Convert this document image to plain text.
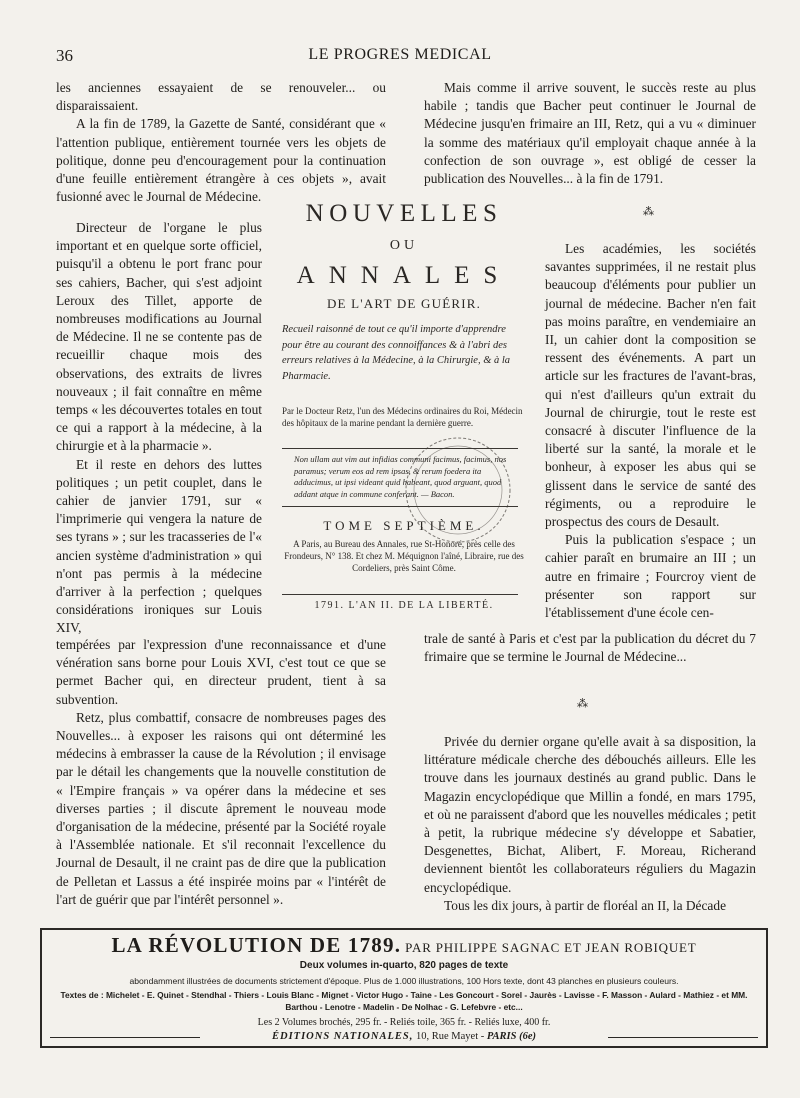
36	LE PROGRES MEDICAL

les anciennes essayaient de se renouveler... ou disparaissaient.

A la fin de 1789, la Gazette de Santé, considérant que « l'attention publique, entièrement tournée vers les objets de politique, donne peu d'encouragement pour la continuation d'une feuille entièrement étrangère à ces objets », avait fusionné avec le Journal de Médecine.

Directeur de l'organe le plus important et en quelque sorte officiel, puisqu'il a obtenu le port franc pour ses cahiers, Bacher, qui s'est adjoint Leroux des Tillet, apporte de nombreuses modifications au Journal de Médecine. Il ne se contente pas de recueillir chaque mois des observations, des extraits de livres nouveaux ; il fait connaître en même temps « les découvertes totales en tout ce qui a rapport à la médecine, à la chirurgie et à la pharmacie ».

Et il reste en dehors des luttes politiques ; un petit couplet, dans le cahier de janvier 1791, sur « l'imprimerie qui vengera la nature de ses tyrans » ; sur les tracasseries de l'« ancien système d'administration » qui n'ont pas permis à la médecine d'arriver à la perfection ; quelques considérations ironiques sur Louis XIV,

tempérées par l'expression d'une reconnaissance et d'une vénération sans borne pour Louis XVI, c'est tout ce que se permet Bacher qui, en directeur prudent, tient à sa subvention.

Retz, plus combattif, consacre de nombreuses pages des Nouvelles... à exposer les raisons qui ont déterminé les médecins à embrasser la cause de la Révolution ; il envisage par le détail les changements que la nouvelle constitution de « l'Empire français » va opérer dans la médecine et ses diverses parties ; il discute âprement le nouveau mode d'organisation de la médecine, présenté par la Société royale à l'Assemblée nationale. Et s'il reconnait l'excellence du Journal de Desault, il ne craint pas de dire que la publication de Pelletan et Lassus a été inspirée moins par « l'intérêt de l'art de guérir que par l'intérêt personnel ».

Mais comme il arrive souvent, le succès reste au plus habile ; tandis que Bacher peut continuer le Journal de Médecine jusqu'en frimaire an III, Retz, qui a vu « diminuer la somme des matériaux qu'il employait chaque année à la confection de son ouvrage », est obligé de cesser la publication des Nouvelles... à la fin de 1791.

⁂

Les académies, les sociétés savantes supprimées, il ne restait plus beaucoup d'éléments pour publier un journal de médecine. Bacher n'en fait pas moins paraître, en vendemiaire an II, un cahier dont la composition se ressent des événements. A part un article sur les fractures de l'avant-bras, qui n'est d'ailleurs qu'un extrait du Journal de chirurgie, tout le reste est consacré à discuter l'influence de la liberté sur la santé, la morale et le bonheur, à exposer les abus qui se glissent dans le service de santé des régiments, ou a reproduire le prospectus des cours de Desault.

Puis la publication s'espace ; un cahier paraît en brumaire an III ; un autre en frimaire ; Fourcroy vient de présenter son rapport sur l'établissement d'une école cen-

trale de santé à Paris et c'est par la publication du décret du 7 frimaire que se termine le Journal de Médecine...

⁂

Privée du dernier organe qu'elle avait à sa disposition, la littérature médicale cherche des débouchés ailleurs. Elle les trouve dans les journaux destinés au grand public. Dans le Magazin encyclopédique que Millin a fondé, en mars 1795, et où ne paraissent d'abord que les nouvelles médicales ; petit à petit, la rubrique médecine s'y développe et Sabatier, Desgenettes, Bichat, Alibert, F. Moreau, Richerand deviennent bientôt les collaborateurs réguliers du Magazin encyclopédique.

Tous les dix jours, à partir de floréal an II, la Décade

NOUVELLES
OU
ANNALES
DE L'ART DE GUÉRIR.
Recueil raisonné de tout ce qu'il importe d'apprendre pour être au courant des connoiffances & à l'abri des erreurs relatives à la Médecine, à la Chirurgie, & à la Pharmacie.
Par le Docteur Retz, l'un des Médecins ordinaires du Roi, Médecin des hôpitaux de la marine pendant la dernière guerre.
Non ullam aut vim aut infidias communi facimus, facimus, nos paramus; verum eos ad rem ipsas, & rerum foedera ita adducimus, ut ipsi videant quid habeant, quod arguant, quod addant atque in commune conferant. — Bacon.
TOME SEPTIÈME.
A Paris, au Bureau des Annales, rue St-Honoré, près celle des Frondeurs, N° 138. Et chez M. Méquignon l'aîné, Libraire, rue des Cordeliers, près Saint Côme.
1791. L'AN II. DE LA LIBERTÉ.
LA RÉVOLUTION DE 1789. PAR PHILIPPE SAGNAC ET JEAN ROBIQUET
Deux volumes in-quarto, 820 pages de texte
abondamment illustrées de documents strictement d'époque. Plus de 1.000 illustrations, 100 Hors texte, dont 43 planches en plusieurs couleurs.
Textes de : Michelet - E. Quinet - Stendhal - Thiers - Louis Blanc - Mignet - Victor Hugo - Taine - Les Goncourt - Sorel - Jaurès - Lavisse - F. Masson - Aulard - Mathiez - et MM. Barthou - Lenotre - Madelin - De Nolhac - G. Lefebvre - etc...
Les 2 Volumes brochés, 295 fr. - Reliés toile, 365 fr. - Reliés luxe, 400 fr.
ÉDITIONS NATIONALES, 10, Rue Mayet - PARIS (6e)
